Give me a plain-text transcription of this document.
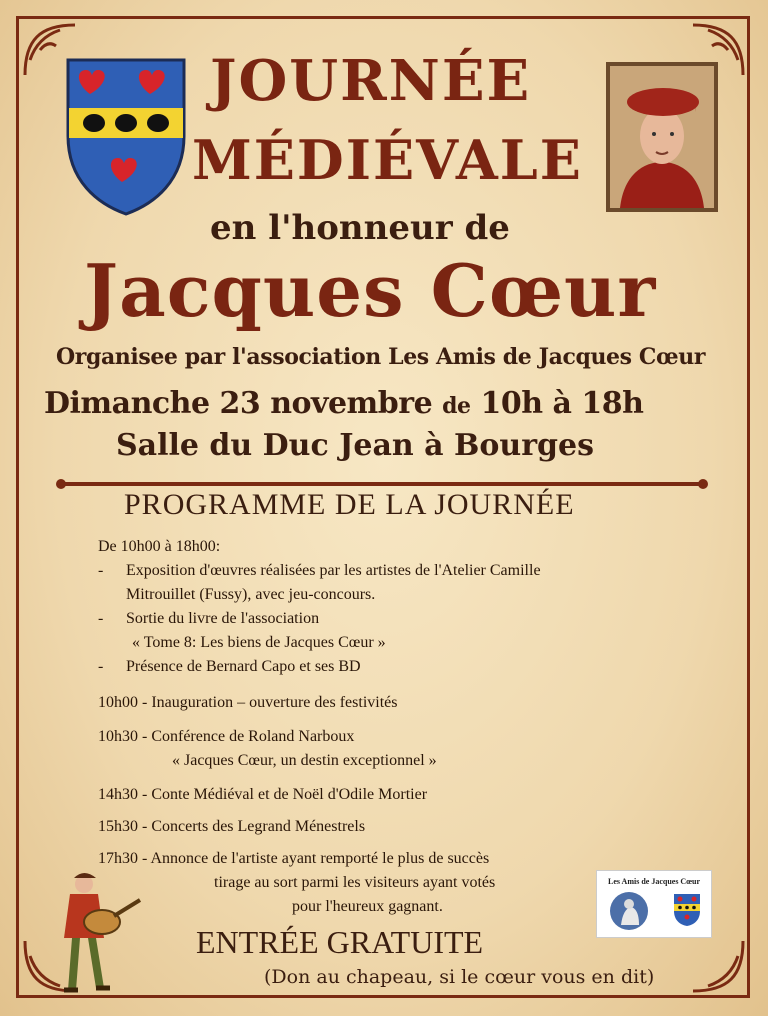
JOURNÉE
MÉDIÉVALE
en l'honneur de
Jacques Cœur
Organisee par l'association Les Amis de Jacques Cœur
Dimanche 23 novembre de 10h à 18h
Salle du Duc Jean à Bourges
PROGRAMME DE LA JOURNÉE
De 10h00 à 18h00:
- Exposition d'œuvres réalisées par les artistes de l'Atelier Camille
Mitrouillet (Fussy), avec jeu-concours.
- Sortie du livre de l'association
« Tome 8: Les biens de Jacques Cœur »
- Présence de Bernard Capo et ses BD
10h00 - Inauguration – ouverture des festivités
10h30 - Conférence de Roland Narboux
« Jacques Cœur, un destin exceptionnel »
14h30 - Conte Médiéval et de Noël d'Odile Mortier
15h30 - Concerts des Legrand Ménestrels
17h30 - Annonce de l'artiste ayant remporté le plus de succès
tirage au sort parmi les visiteurs ayant votés
pour l'heureux gagnant.
Les Amis de Jacques Cœur
ENTRÉE GRATUITE
(Don au chapeau, si le cœur vous en dit)
